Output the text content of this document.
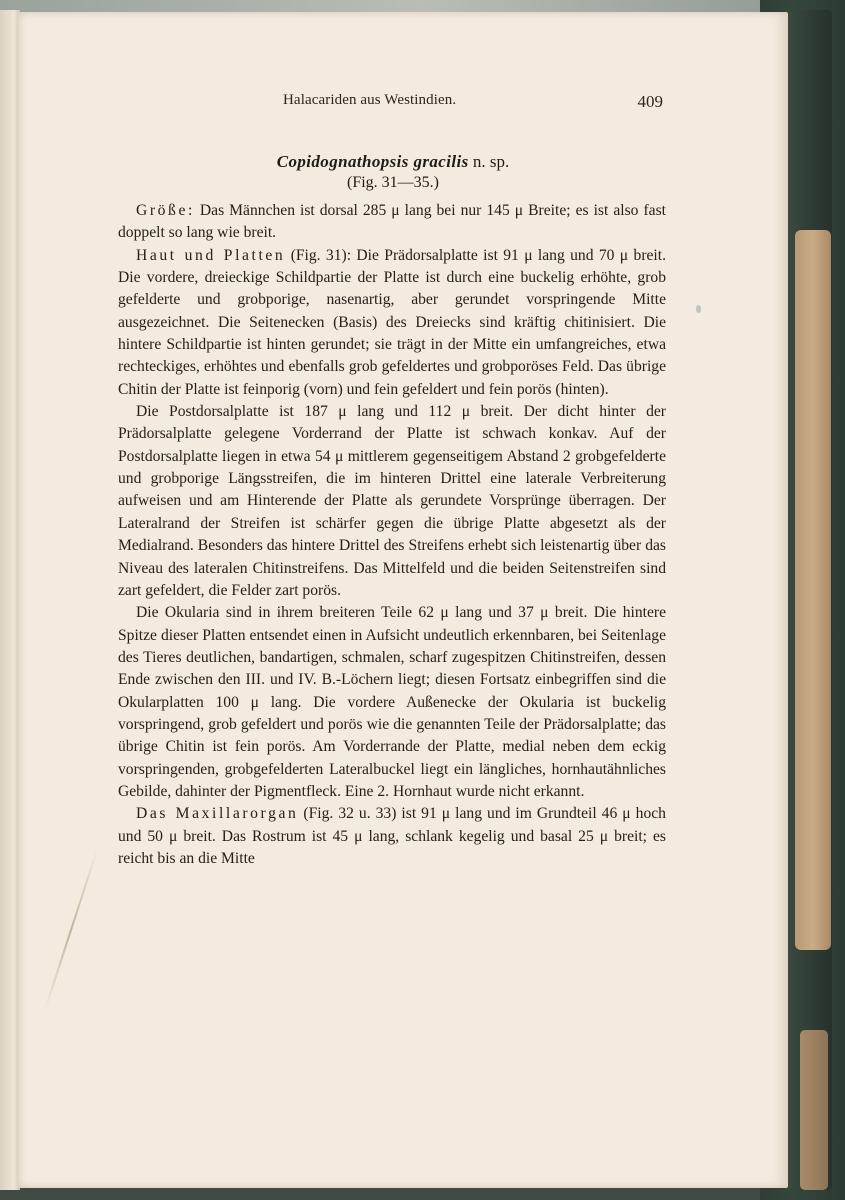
Halacariden aus Westindien.	409
Copidognathopsis gracilis n. sp.
(Fig. 31—35.)

Größe: Das Männchen ist dorsal 285 μ lang bei nur 145 μ Breite; es ist also fast doppelt so lang wie breit.

Haut und Platten (Fig. 31): Die Prädorsalplatte ist 91 μ lang und 70 μ breit. Die vordere, dreieckige Schildpartie der Platte ist durch eine buckelig erhöhte, grob gefelderte und grobporige, nasenartig, aber gerundet vorspringende Mitte ausgezeichnet. Die Seitenecken (Basis) des Dreiecks sind kräftig chitinisiert. Die hintere Schildpartie ist hinten gerundet; sie trägt in der Mitte ein umfangreiches, etwa rechteckiges, erhöhtes und ebenfalls grob gefeldertes und grobporöses Feld. Das übrige Chitin der Platte ist feinporig (vorn) und fein gefeldert und fein porös (hinten).

Die Postdorsalplatte ist 187 μ lang und 112 μ breit. Der dicht hinter der Prädorsalplatte gelegene Vorderrand der Platte ist schwach konkav. Auf der Postdorsalplatte liegen in etwa 54 μ mittlerem gegenseitigem Abstand 2 grobgefelderte und grobporige Längsstreifen, die im hinteren Drittel eine laterale Verbreiterung aufweisen und am Hinterende der Platte als gerundete Vorsprünge überragen. Der Lateralrand der Streifen ist schärfer gegen die übrige Platte abgesetzt als der Medialrand. Besonders das hintere Drittel des Streifens erhebt sich leistenartig über das Niveau des lateralen Chitinstreifens. Das Mittelfeld und die beiden Seitenstreifen sind zart gefeldert, die Felder zart porös.

Die Okularia sind in ihrem breiteren Teile 62 μ lang und 37 μ breit. Die hintere Spitze dieser Platten entsendet einen in Aufsicht undeutlich erkennbaren, bei Seitenlage des Tieres deutlichen, bandartigen, schmalen, scharf zugespitzen Chitinstreifen, dessen Ende zwischen den III. und IV. B.-Löchern liegt; diesen Fortsatz einbegriffen sind die Okularplatten 100 μ lang. Die vordere Außenecke der Okularia ist buckelig vorspringend, grob gefeldert und porös wie die genannten Teile der Prädorsalplatte; das übrige Chitin ist fein porös. Am Vorderrande der Platte, medial neben dem eckig vorspringenden, grobgefelderten Lateralbuckel liegt ein längliches, hornhautähnliches Gebilde, dahinter der Pigmentfleck. Eine 2. Hornhaut wurde nicht erkannt.

Das Maxillarorgan (Fig. 32 u. 33) ist 91 μ lang und im Grundteil 46 μ hoch und 50 μ breit. Das Rostrum ist 45 μ lang, schlank kegelig und basal 25 μ breit; es reicht bis an die Mitte
